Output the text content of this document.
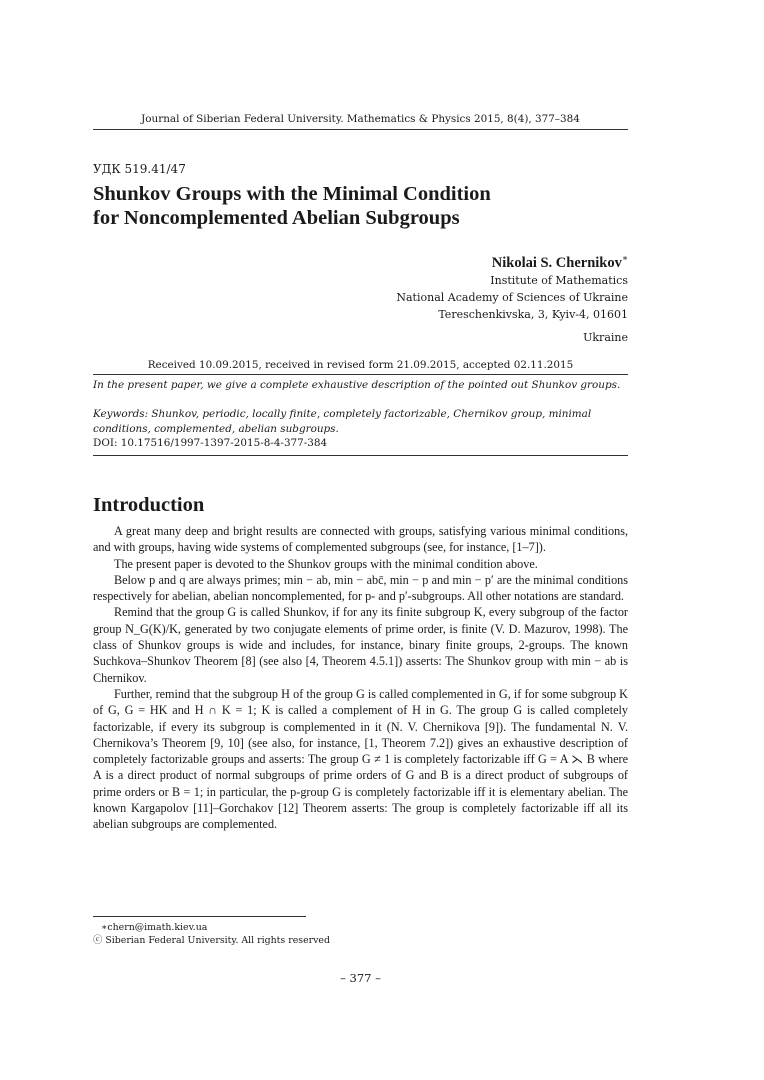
Journal of Siberian Federal University. Mathematics & Physics 2015, 8(4), 377–384
УДК 519.41/47
Shunkov Groups with the Minimal Condition
for Noncomplemented Abelian Subgroups
Nikolai S. Chernikov∗
Institute of Mathematics
National Academy of Sciences of Ukraine
Tereschenkivska, 3, Kyiv-4, 01601
Ukraine
Received 10.09.2015, received in revised form 21.09.2015, accepted 02.11.2015
In the present paper, we give a complete exhaustive description of the pointed out Shunkov groups.
Keywords: Shunkov, periodic, locally finite, completely factorizable, Chernikov group, minimal conditions, complemented, abelian subgroups.
DOI: 10.17516/1997-1397-2015-8-4-377-384
Introduction

A great many deep and bright results are connected with groups, satisfying various minimal conditions, and with groups, having wide systems of complemented subgroups (see, for instance, [1–7]).

The present paper is devoted to the Shunkov groups with the minimal condition above.

Below p and q are always primes; min − ab, min − abc̄, min − p and min − p′ are the minimal conditions respectively for abelian, abelian noncomplemented, for p- and p′-subgroups. All other notations are standard.

Remind that the group G is called Shunkov, if for any its finite subgroup K, every subgroup of the factor group N_G(K)/K, generated by two conjugate elements of prime order, is finite (V. D. Mazurov, 1998). The class of Shunkov groups is wide and includes, for instance, binary finite groups, 2-groups. The known Suchkova–Shunkov Theorem [8] (see also [4, Theorem 4.5.1]) asserts: The Shunkov group with min − ab is Chernikov.

Further, remind that the subgroup H of the group G is called complemented in G, if for some subgroup K of G, G = HK and H ∩ K = 1; K is called a complement of H in G. The group G is called completely factorizable, if every its subgroup is complemented in it (N. V. Chernikova [9]). The fundamental N. V. Chernikova’s Theorem [9, 10] (see also, for instance, [1, Theorem 7.2]) gives an exhaustive description of completely factorizable groups and asserts: The group G ≠ 1 is completely factorizable iff G = A ⋋ B where A is a direct product of normal subgroups of prime orders of G and B is a direct product of subgroups of prime orders or B = 1; in particular, the p-group G is completely factorizable iff it is elementary abelian. The known Kargapolov [11]–Gorchakov [12] Theorem asserts: The group is completely factorizable iff all its abelian subgroups are complemented.

∗chern@imath.kiev.ua
ⓒ Siberian Federal University. All rights reserved
– 377 –
